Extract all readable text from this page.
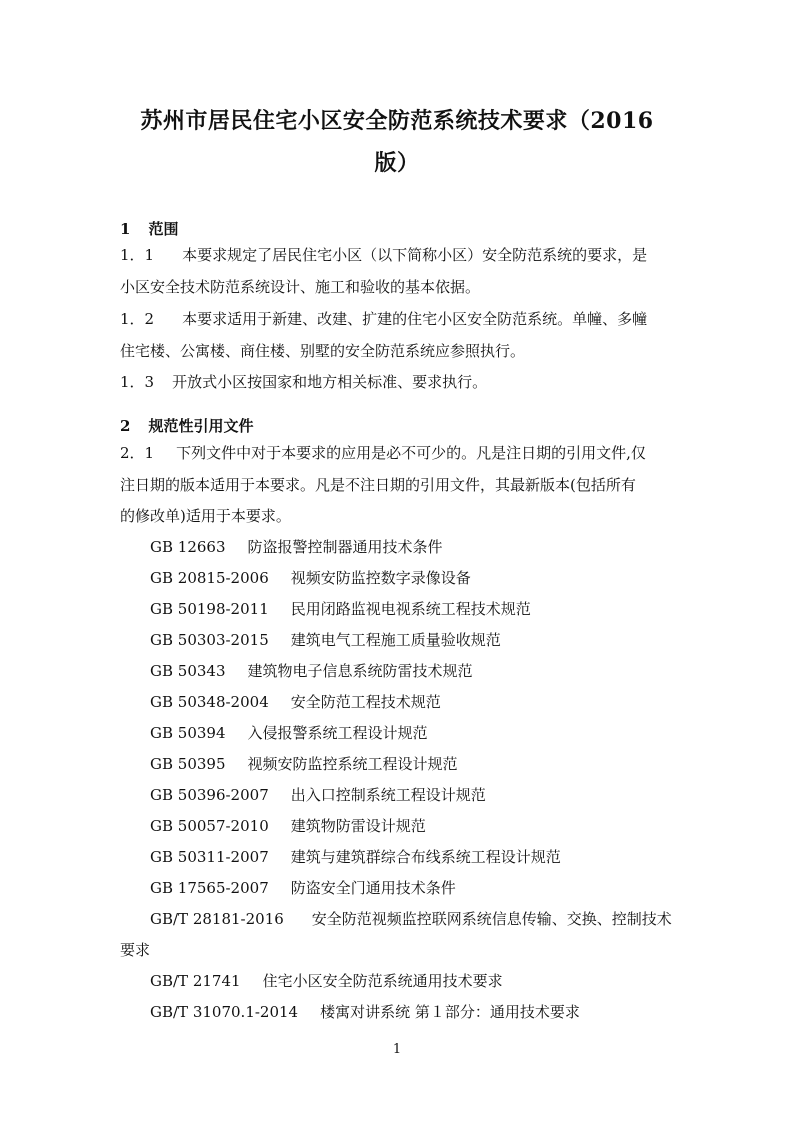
苏州市居民住宅小区安全防范系统技术要求（2016
版）
1 范围
1．1 本要求规定了居民住宅小区（以下简称小区）安全防范系统的要求，是
小区安全技术防范系统设计、施工和验收的基本依据。
1．2 本要求适用于新建、改建、扩建的住宅小区安全防范系统。单幢、多幢
住宅楼、公寓楼、商住楼、别墅的安全防范系统应参照执行。
1．3 开放式小区按国家和地方相关标准、要求执行。
2 规范性引用文件
2．1 下列文件中对于本要求的应用是必不可少的。凡是注日期的引用文件,仅
注日期的版本适用于本要求。凡是不注日期的引用文件，其最新版本(包括所有
的修改单)适用于本要求。
GB 12663 防盗报警控制器通用技术条件
GB 20815-2006 视频安防监控数字录像设备
GB 50198-2011 民用闭路监视电视系统工程技术规范
GB 50303-2015 建筑电气工程施工质量验收规范
GB 50343 建筑物电子信息系统防雷技术规范
GB 50348-2004 安全防范工程技术规范
GB 50394 入侵报警系统工程设计规范
GB 50395 视频安防监控系统工程设计规范
GB 50396-2007 出入口控制系统工程设计规范
GB 50057-2010 建筑物防雷设计规范
GB 50311-2007 建筑与建筑群综合布线系统工程设计规范
GB 17565-2007 防盗安全门通用技术条件
GB/T 28181-2016 安全防范视频监控联网系统信息传输、交换、控制技术
要求
GB/T 21741 住宅小区安全防范系统通用技术要求
GB/T 31070.1-2014 楼寓对讲系统 第１部分：通用技术要求
1
